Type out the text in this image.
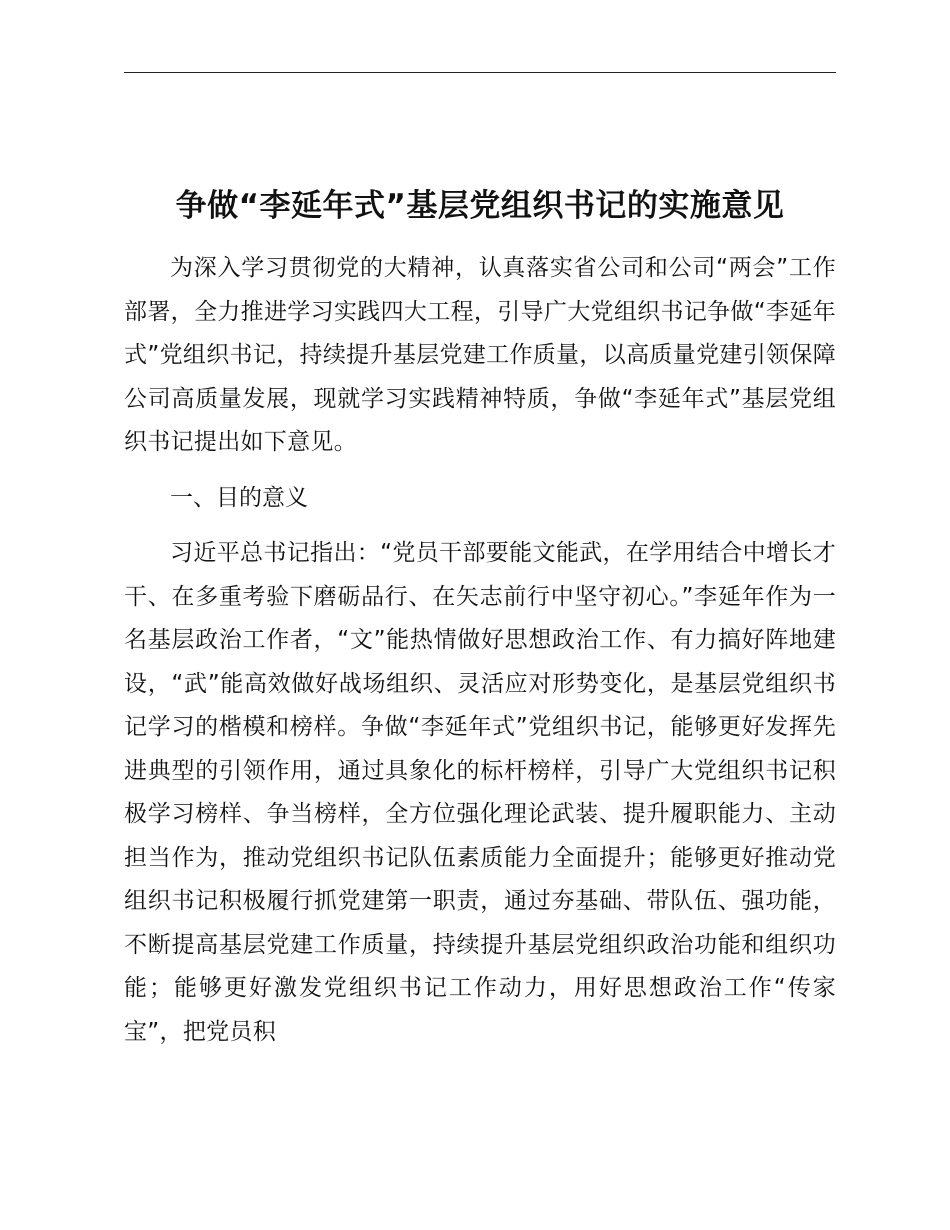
争做“李延年式”基层党组织书记的实施意见

为深入学习贯彻党的大精神，认真落实省公司和公司“两会”工作部署，全力推进学习实践四大工程，引导广大党组织书记争做“李延年式”党组织书记，持续提升基层党建工作质量，以高质量党建引领保障公司高质量发展，现就学习实践精神特质，争做“李延年式”基层党组织书记提出如下意见。

一、目的意义

习近平总书记指出：“党员干部要能文能武，在学用结合中增长才干、在多重考验下磨砺品行、在矢志前行中坚守初心。”李延年作为一名基层政治工作者，“文”能热情做好思想政治工作、有力搞好阵地建设，“武”能高效做好战场组织、灵活应对形势变化，是基层党组织书记学习的楷模和榜样。争做“李延年式”党组织书记，能够更好发挥先进典型的引领作用，通过具象化的标杆榜样，引导广大党组织书记积极学习榜样、争当榜样，全方位强化理论武装、提升履职能力、主动担当作为，推动党组织书记队伍素质能力全面提升；能够更好推动党组织书记积极履行抓党建第一职责，通过夯基础、带队伍、强功能，不断提高基层党建工作质量，持续提升基层党组织政治功能和组织功能；能够更好激发党组织书记工作动力，用好思想政治工作“传家宝”，把党员积
